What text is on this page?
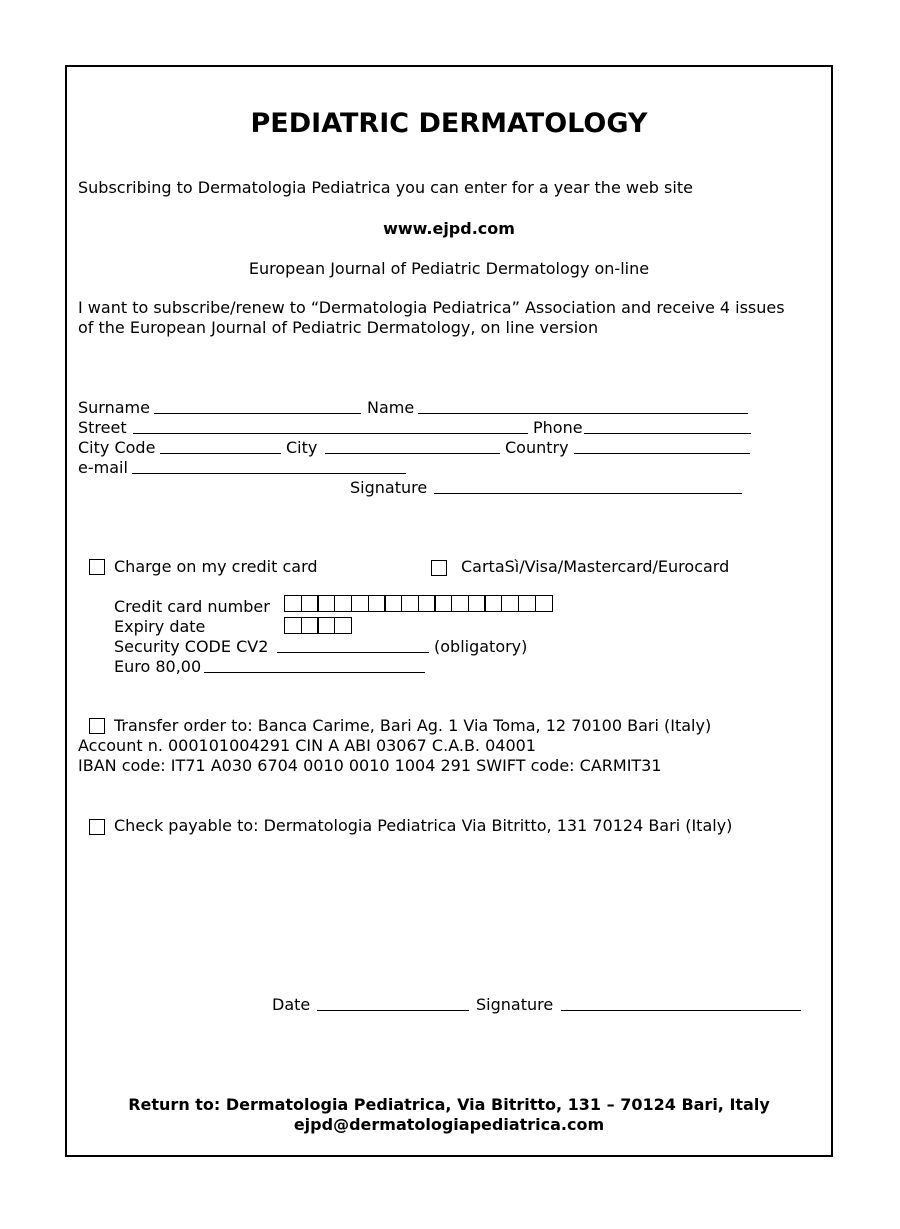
PEDIATRIC DERMATOLOGY
Subscribing to Dermatologia Pediatrica you can enter for a year the web site
www.ejpd.com
European Journal of Pediatric Dermatology on-line
I want to subscribe/renew to “Dermatologia Pediatrica” Association and receive 4 issues
of the European Journal of Pediatric Dermatology, on line version
Surname	Name
Street	Phone
City Code	City	Country
e-mail
Signature
Charge on my credit card	CartaSì/Visa/Mastercard/Eurocard
Credit card number
Expiry date
Security CODE CV2	(obligatory)
Euro 80,00
Transfer order to: Banca Carime, Bari Ag. 1 Via Toma, 12 70100 Bari (Italy)
Account n. 000101004291 CIN A ABI 03067 C.A.B. 04001
IBAN code: IT71 A030 6704 0010 0010 1004 291 SWIFT code: CARMIT31
Check payable to: Dermatologia Pediatrica Via Bitritto, 131 70124 Bari (Italy)
Date	Signature
Return to: Dermatologia Pediatrica, Via Bitritto, 131 – 70124 Bari, Italy
ejpd@dermatologiapediatrica.com
